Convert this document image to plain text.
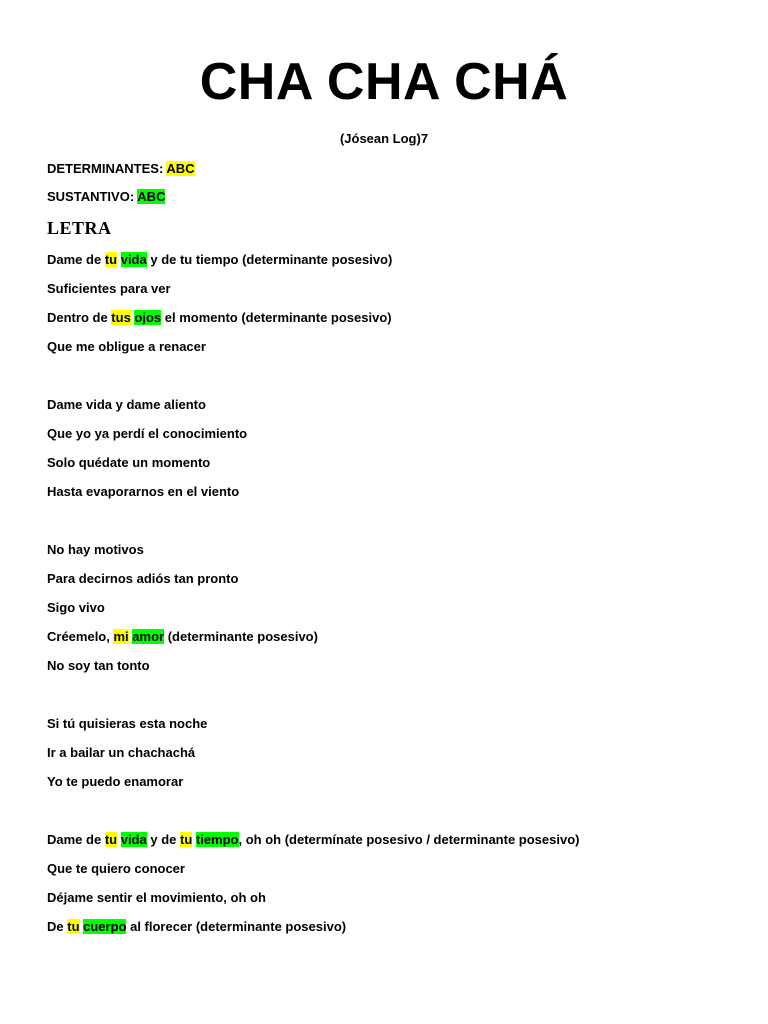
CHA CHA CHÁ
(Jósean Log)7
DETERMINANTES: ABC
SUSTANTIVO: ABC
LETRA
Dame de tu vida y de tu tiempo (determinante posesivo)
Suficientes para ver
Dentro de tus ojos el momento (determinante posesivo)
Que me obligue a renacer
Dame vida y dame aliento
Que yo ya perdí el conocimiento
Solo quédate un momento
Hasta evaporarnos en el viento
No hay motivos
Para decirnos adiós tan pronto
Sigo vivo
Créemelo, mi amor (determinante posesivo)
No soy tan tonto
Si tú quisieras esta noche
Ir a bailar un chachachá
Yo te puedo enamorar
Dame de tu vida y de tu tiempo, oh oh (determínate posesivo / determinante posesivo)
Que te quiero conocer
Déjame sentir el movimiento, oh oh
De tu cuerpo al florecer (determinante posesivo)
